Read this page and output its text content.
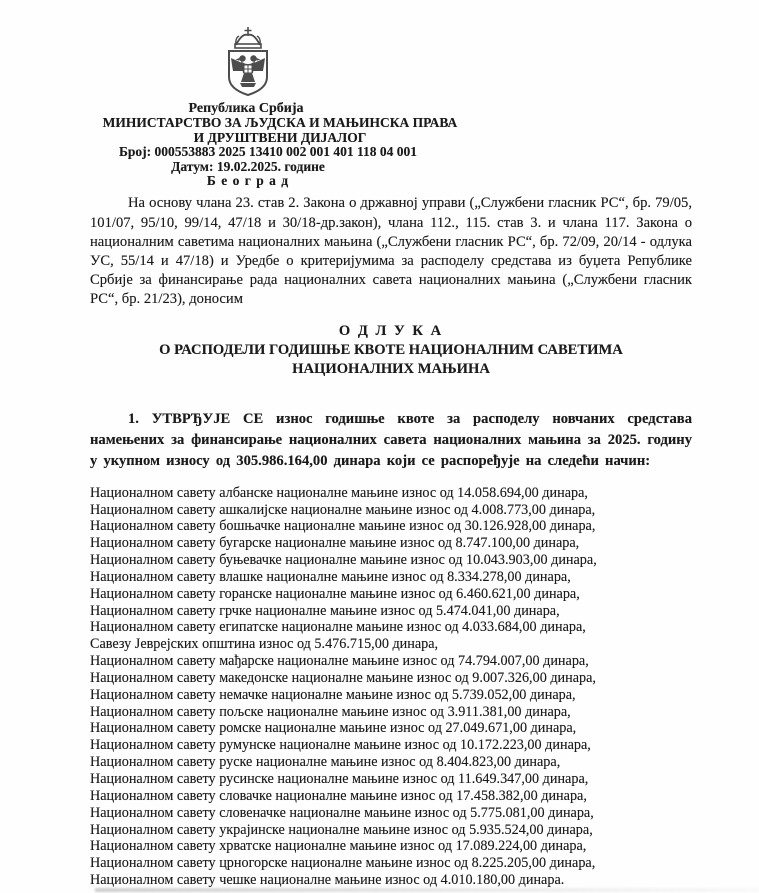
Република Србија
МИНИСТАРСТВО ЗА ЉУДСКА И МАЊИНСКА ПРАВА
И ДРУШТВЕНИ ДИЈАЛОГ
Број: 000553883 2025 13410 002 001 401 118 04 001
Датум: 19.02.2025. године
Б е о г р а д

На основу члана 23. став 2. Закона о државној управи („Службени гласник РС“, бр. 79/05, 101/07, 95/10, 99/14, 47/18 и 30/18-др.закон), члана 112., 115. став 3. и члана 117. Закона о националним саветима националних мањина („Службени гласник РС“, бр. 72/09, 20/14 - одлука УС, 55/14 и 47/18) и Уредбе о критеријумима за расподелу средстава из буџета Републике Србије за финансирање рада националних савета националних мањина („Службени гласник РС“, бр. 21/23), доносим

О Д Л У К А
О РАСПОДЕЛИ ГОДИШЊЕ КВОТЕ НАЦИОНАЛНИМ САВЕТИМА
НАЦИОНАЛНИХ МАЊИНА

1. УТВРЂУЈЕ СЕ износ годишње квоте за расподелу новчаних средстава намењених за финансирање националних савета националних мањина за 2025. годину у укупном износу од 305.986.164,00 динара који се распоређује на следећи начин:

Националном савету албанске националне мањине износ од 14.058.694,00 динара,
Националном савету ашкалијске националне мањине износ од 4.008.773,00 динара,
Националном савету бошњачке националне мањине износ од 30.126.928,00 динара,
Националном савету бугарске националне мањине износ од 8.747.100,00 динара,
Националном савету буњевачке националне мањине износ од 10.043.903,00 динара,
Националном савету влашке националне мањине износ од 8.334.278,00 динара,
Националном савету горанске националне мањине износ од 6.460.621,00 динара,
Националном савету грчке националне мањине износ од 5.474.041,00 динара,
Националном савету египатске националне мањине износ од 4.033.684,00 динара,
Савезу Јеврејских општина износ од 5.476.715,00 динара,
Националном савету мађарске националне мањине износ од 74.794.007,00 динара,
Националном савету македонске националне мањине износ од 9.007.326,00 динара,
Националном савету немачке националне мањине износ од 5.739.052,00 динара,
Националном савету пољске националне мањине износ од 3.911.381,00 динара,
Националном савету ромске националне мањине износ од 27.049.671,00 динара,
Националном савету румунске националне мањине износ од 10.172.223,00 динара,
Националном савету руске националне мањине износ од 8.404.823,00 динара,
Националном савету русинске националне мањине износ од 11.649.347,00 динара,
Националном савету словачке националне мањине износ од 17.458.382,00 динара,
Националном савету словеначке националне мањине износ од 5.775.081,00 динара,
Националном савету украјинске националне мањине износ од 5.935.524,00 динара,
Националном савету хрватске националне мањине износ од 17.089.224,00 динара,
Националном савету црногорске националне мањине износ од 8.225.205,00 динара,
Националном савету чешке националне мањине износ од 4.010.180,00 динара.
